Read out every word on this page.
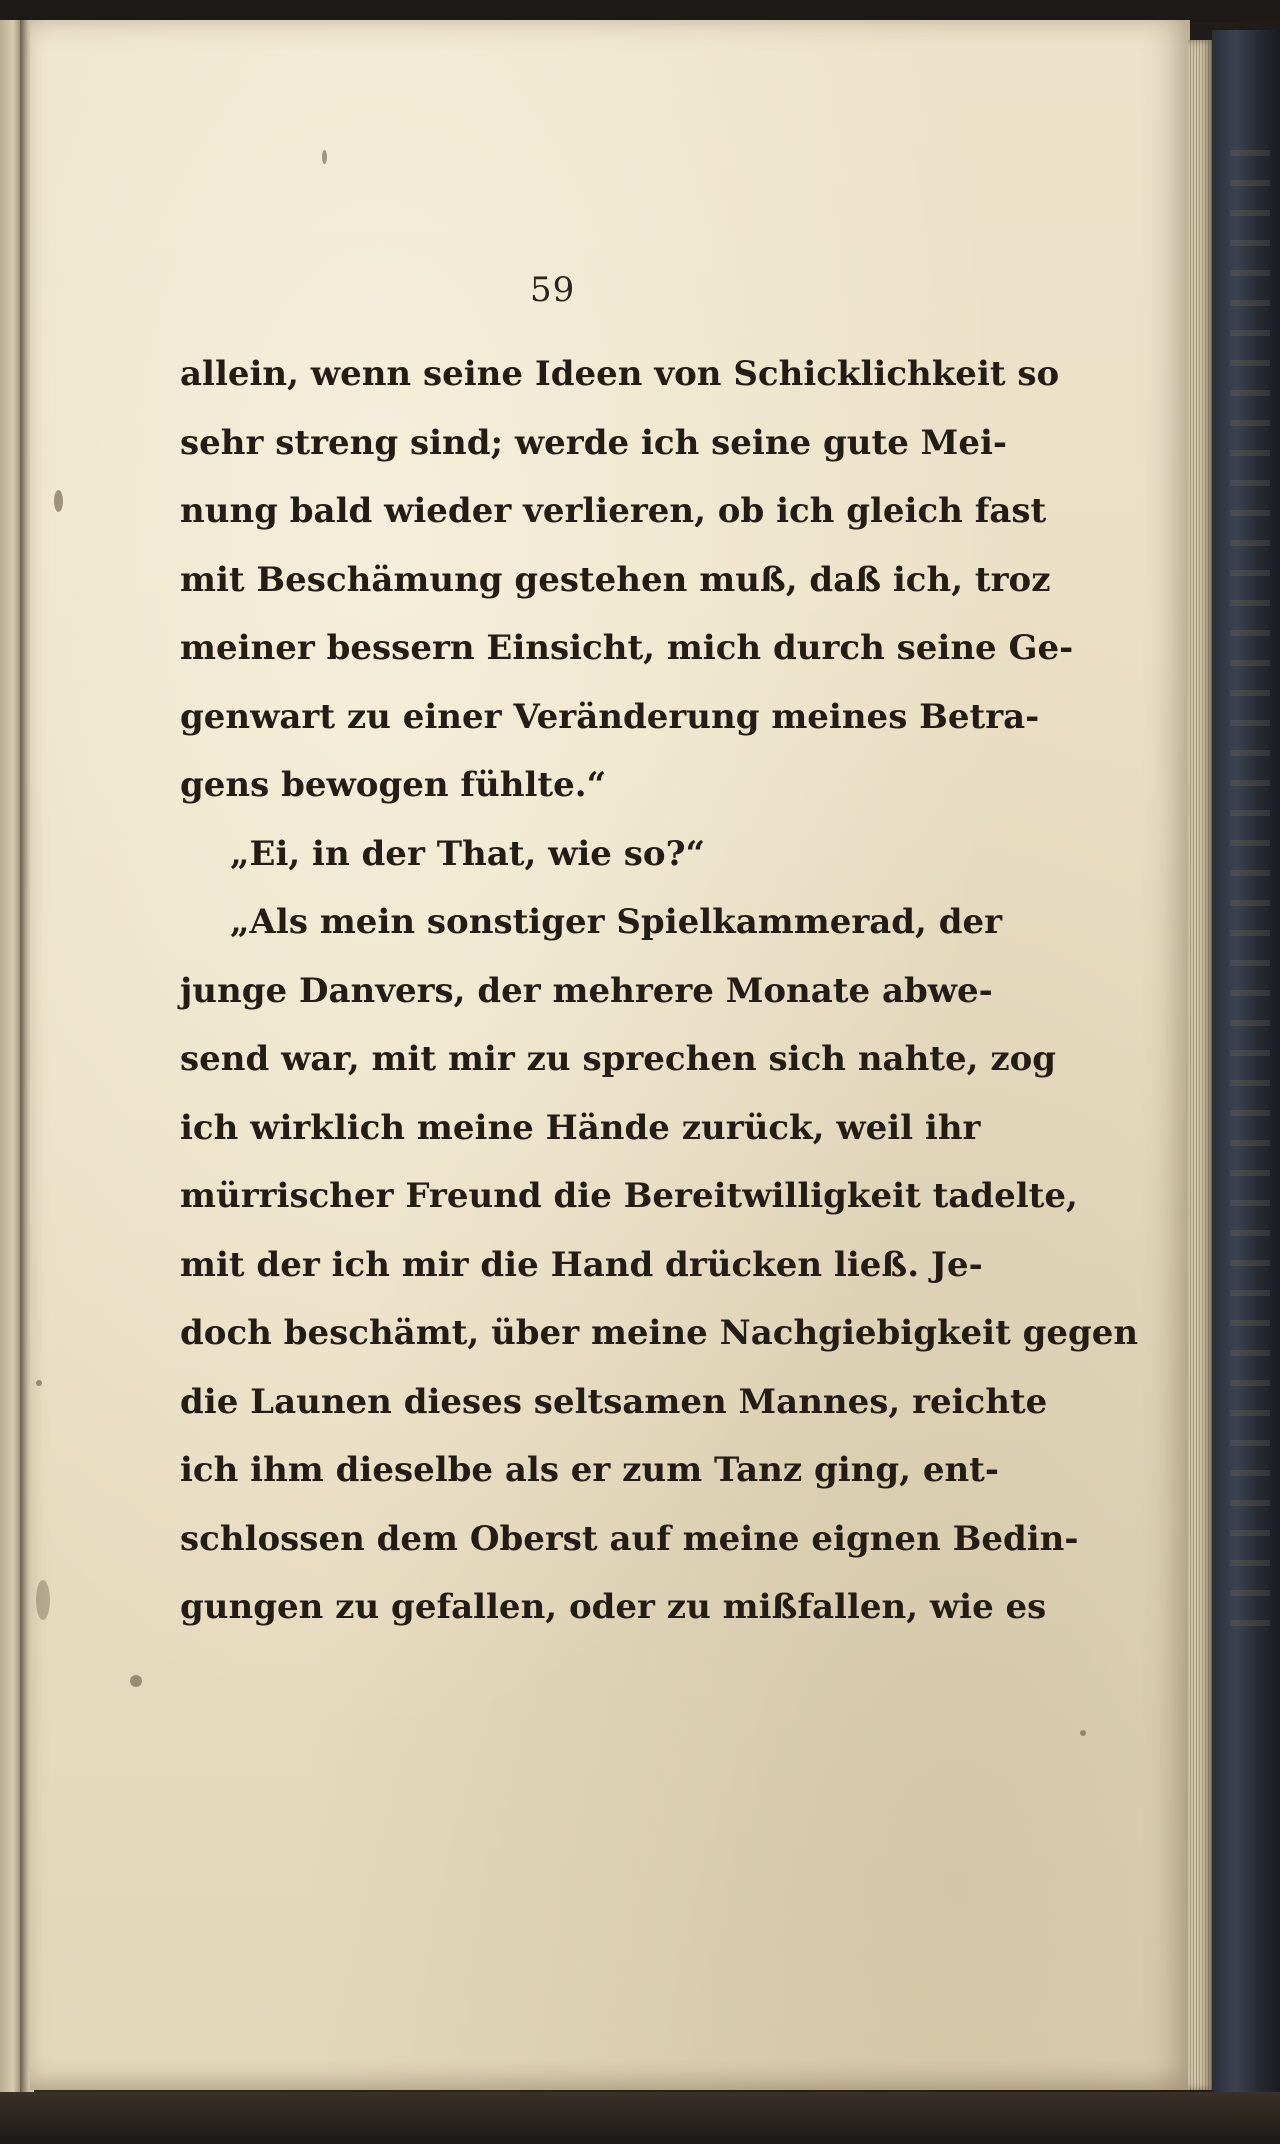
59
allein, wenn seine Ideen von Schicklichkeit so
sehr streng sind; werde ich seine gute Mei-
nung bald wieder verlieren, ob ich gleich fast
mit Beschämung gestehen muß, daß ich, troz
meiner bessern Einsicht, mich durch seine Ge-
genwart zu einer Veränderung meines Betra-
gens bewogen fühlte.“
„Ei, in der That, wie so?“
„Als mein sonstiger Spielkammerad, der
junge Danvers, der mehrere Monate abwe-
send war, mit mir zu sprechen sich nahte, zog
ich wirklich meine Hände zurück, weil ihr
mürrischer Freund die Bereitwilligkeit tadelte,
mit der ich mir die Hand drücken ließ. Je-
doch beschämt, über meine Nachgiebigkeit gegen
die Launen dieses seltsamen Mannes, reichte
ich ihm dieselbe als er zum Tanz ging, ent-
schlossen dem Oberst auf meine eignen Bedin-
gungen zu gefallen, oder zu mißfallen, wie es
